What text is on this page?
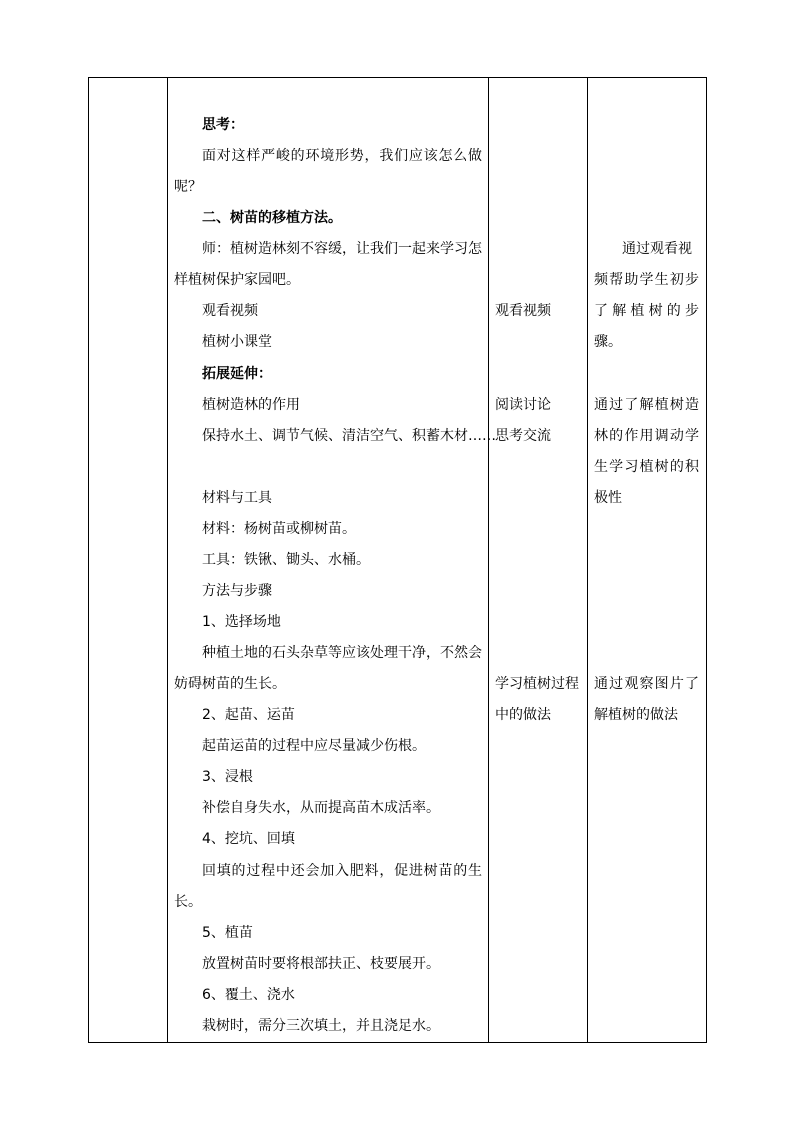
思考：
面对这样严峻的环境形势，我们应该怎么做
呢？
二、树苗的移植方法。
师：植树造林刻不容缓，让我们一起来学习怎
样植树保护家园吧。
观看视频
植树小课堂
拓展延伸：
植树造林的作用
保持水土、调节气候、清洁空气、积蓄木材……
材料与工具
材料：杨树苗或柳树苗。
工具：铁锹、锄头、水桶。
方法与步骤
1、选择场地
种植土地的石头杂草等应该处理干净，不然会
妨碍树苗的生长。
2、起苗、运苗
起苗运苗的过程中应尽量减少伤根。
3、浸根
补偿自身失水，从而提高苗木成活率。
4、挖坑、回填
回填的过程中还会加入肥料，促进树苗的生
长。
5、植苗
放置树苗时要将根部扶正、枝要展开。
6、覆土、浇水
栽树时，需分三次填土，并且浇足水。
观看视频
阅读讨论
思考交流
学习植树过程
中的做法
通过观看视
频帮助学生初步
了解植树的步
骤。
通过了解植树造
林的作用调动学
生学习植树的积
极性
通过观察图片了
解植树的做法
